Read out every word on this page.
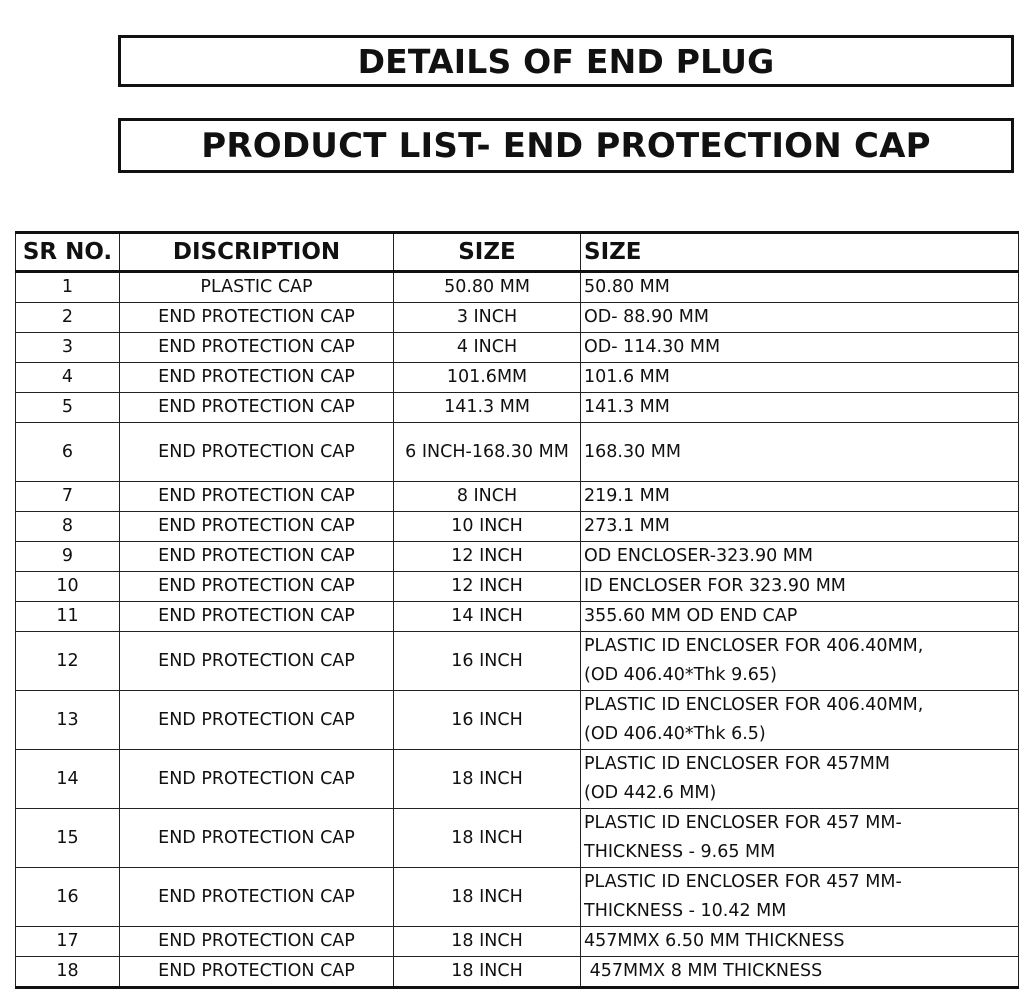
DETAILS OF END PLUG
PRODUCT LIST- END PROTECTION CAP
SR NO.	DISCRIPTION	SIZE	SIZE
1	PLASTIC CAP	50.80 MM	50.80 MM

2	END PROTECTION CAP	3 INCH	OD- 88.90 MM

3	END PROTECTION CAP	4 INCH	OD- 114.30 MM

4	END PROTECTION CAP	101.6MM	101.6 MM

5	END PROTECTION CAP	141.3 MM	141.3 MM

6	END PROTECTION CAP	6 INCH-168.30 MM	168.30 MM

7	END PROTECTION CAP	8 INCH	219.1 MM

8	END PROTECTION CAP	10 INCH	273.1 MM

9	END PROTECTION CAP	12 INCH	OD ENCLOSER-323.90 MM

10	END PROTECTION CAP	12 INCH	ID ENCLOSER FOR 323.90 MM

11	END PROTECTION CAP	14 INCH	355.60 MM OD END CAP

12	END PROTECTION CAP	16 INCH	PLASTIC ID ENCLOSER FOR 406.40MM,
(OD 406.40*Thk 9.65)

13	END PROTECTION CAP	16 INCH	PLASTIC ID ENCLOSER FOR 406.40MM,
(OD 406.40*Thk 6.5)

14	END PROTECTION CAP	18 INCH	PLASTIC ID ENCLOSER FOR 457MM
(OD 442.6 MM)

15	END PROTECTION CAP	18 INCH	PLASTIC ID ENCLOSER FOR 457 MM-
THICKNESS - 9.65 MM

16	END PROTECTION CAP	18 INCH	PLASTIC ID ENCLOSER FOR 457 MM-
THICKNESS - 10.42 MM

17	END PROTECTION CAP	18 INCH	457MMX 6.50 MM THICKNESS

18	END PROTECTION CAP	18 INCH	457MMX 8 MM THICKNESS
